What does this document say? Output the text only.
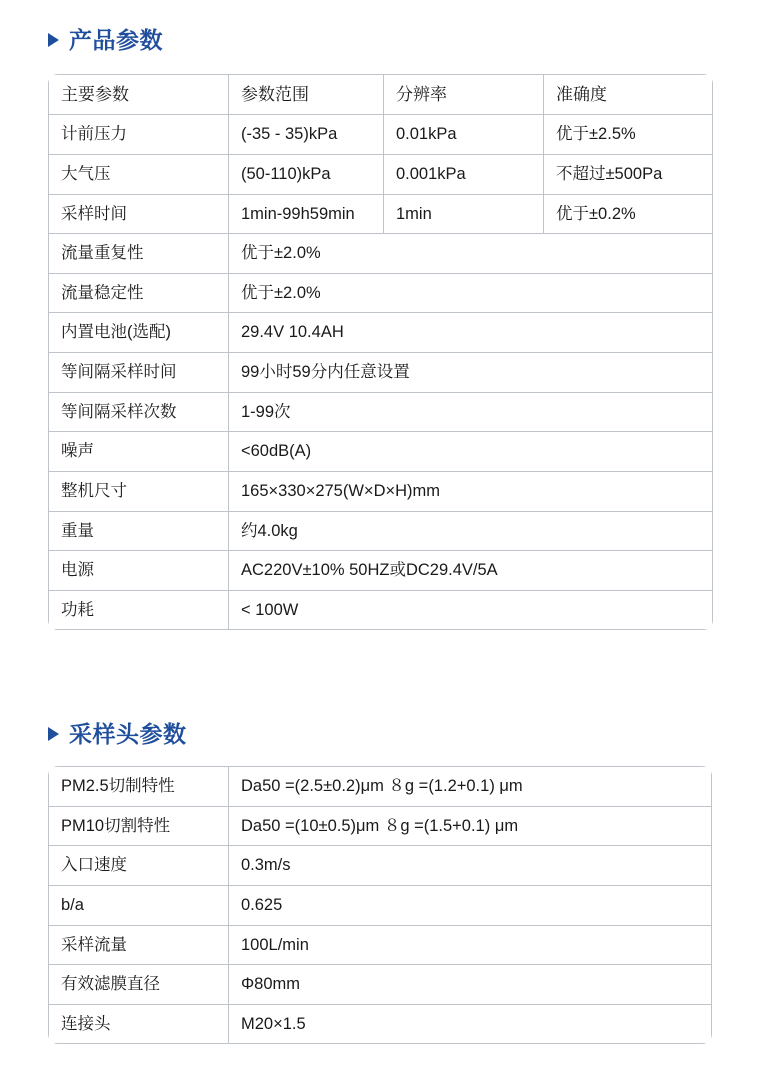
产品参数
主要参数	参数范围	分辨率	准确度
计前压力	(-35 - 35)kPa	0.01kPa	优于±2.5%
大气压	(50-110)kPa	0.001kPa	不超过±500Pa
采样时间	1min-99h59min	1min	优于±0.2%
流量重复性	优于±2.0%		
流量稳定性	优于±2.0%		
内置电池(选配)	29.4V 10.4AH		
等间隔采样时间	99小时59分内任意设置		
等间隔采样次数	1-99次		
噪声	<60dB(A)		
整机尺寸	165×330×275(W×D×H)mm		
重量	约4.0kg		
电源	AC220V±10% 50HZ或DC29.4V/5A		
功耗	< 100W		
采样头参数
PM2.5切制特性	Da50 =(2.5±0.2)μm ８g =(1.2+0.1) μm
PM10切割特性	Da50 =(10±0.5)μm ８g =(1.5+0.1) μm
入口速度	0.3m/s
b/a	0.625
采样流量	100L/min
有效滤膜直径	Φ80mm
连接头	M20×1.5
